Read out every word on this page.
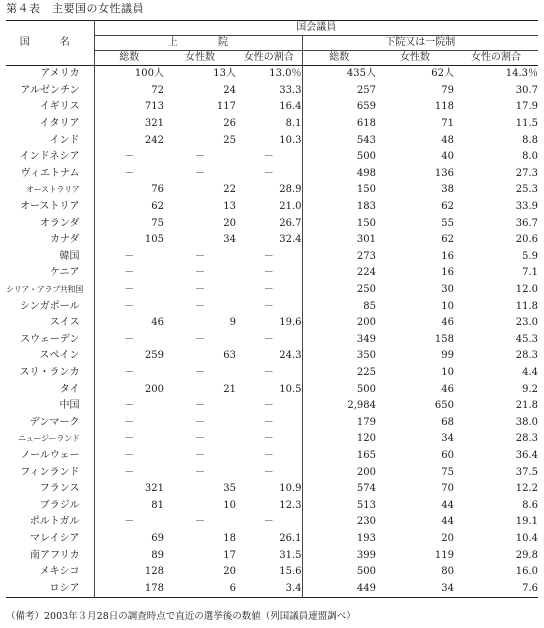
第４表　主要国の女性議員
国　名	国会議員					
	上　　　　院			下院又は一院制		
	総数	女性数	女性の割合	総数	女性数	女性の割合
アメリカ	100人	13人	13.0％	435人	62人	14.3％
アルゼンチン	72	24	33.3	257	79	30.7
イギリス	713	117	16.4	659	118	17.9
イタリア	321	26	8.1	618	71	11.5
インド	242	25	10.3	543	48	8.8
インドネシア	－	－	－	500	40	8.0
ヴィエトナム	－	－	－	498	136	27.3
オーストラリア	76	22	28.9	150	38	25.3
オーストリア	62	13	21.0	183	62	33.9
オランダ	75	20	26.7	150	55	36.7
カナダ	105	34	32.4	301	62	20.6
韓国	－	－	－	273	16	5.9
ケニア	－	－	－	224	16	7.1
シリア・アラブ共和国	－	－	－	250	30	12.0
シンガポール	－	－	－	85	10	11.8
スイス	46	9	19.6	200	46	23.0
スウェーデン	－	－	－	349	158	45.3
スペイン	259	63	24.3	350	99	28.3
スリ・ランカ	－	－	－	225	10	4.4
タイ	200	21	10.5	500	46	9.2
中国	－	－	－	2,984	650	21.8
デンマーク	－	－	－	179	68	38.0
ニュージーランド	－	－	－	120	34	28.3
ノールウェー	－	－	－	165	60	36.4
フィンランド	－	－	－	200	75	37.5
フランス	321	35	10.9	574	70	12.2
ブラジル	81	10	12.3	513	44	8.6
ポルトガル	－	－	－	230	44	19.1
マレイシア	69	18	26.1	193	20	10.4
南アフリカ	89	17	31.5	399	119	29.8
メキシコ	128	20	15.6	500	80	16.0
ロシア	178	6	3.4	449	34	7.6
（備考）2003年３月28日の調査時点で直近の選挙後の数値（列国議員連盟調べ）
